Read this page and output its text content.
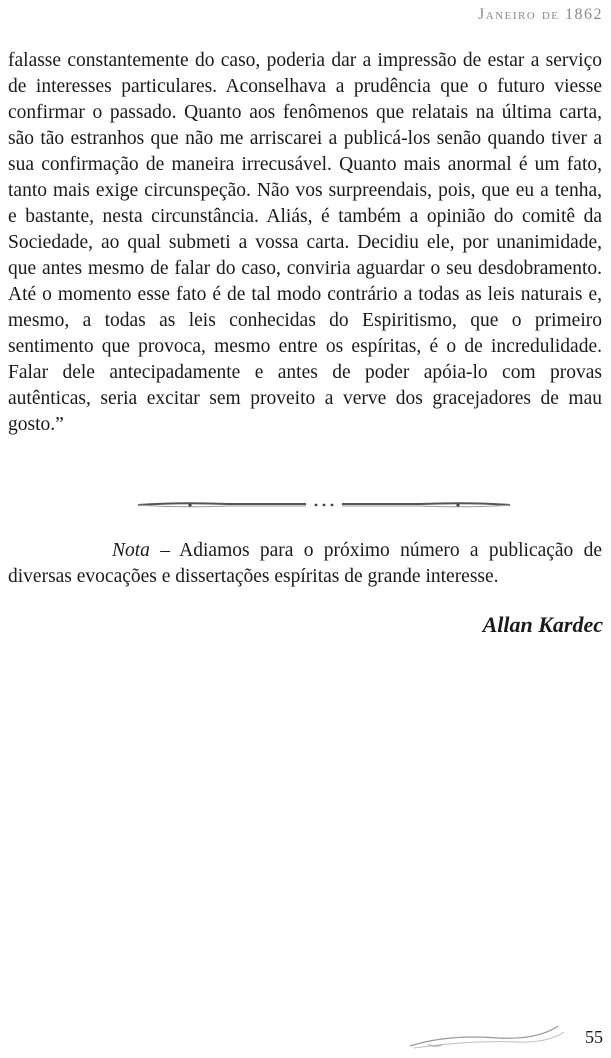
Janeiro de 1862

falasse constantemente do caso, poderia dar a impressão de estar a serviço de interesses particulares. Aconselhava a prudência que o futuro viesse confirmar o passado. Quanto aos fenômenos que relatais na última carta, são tão estranhos que não me arriscarei a publicá-los senão quando tiver a sua confirmação de maneira irrecusável. Quanto mais anormal é um fato, tanto mais exige circunspeção. Não vos surpreendais, pois, que eu a tenha, e bastante, nesta circunstância. Aliás, é também a opinião do comitê da Sociedade, ao qual submeti a vossa carta. Decidiu ele, por unanimidade, que antes mesmo de falar do caso, conviria aguardar o seu desdobramento. Até o momento esse fato é de tal modo contrário a todas as leis naturais e, mesmo, a todas as leis conhecidas do Espiritismo, que o primeiro sentimento que provoca, mesmo entre os espíritas, é o de incredulidade. Falar dele antecipadamente e antes de poder apóia-lo com provas autênticas, seria excitar sem proveito a verve dos gracejadores de mau gosto.”

Nota – Adiamos para o próximo número a publicação de diversas evocações e dissertações espíritas de grande interesse.

Allan Kardec
55
